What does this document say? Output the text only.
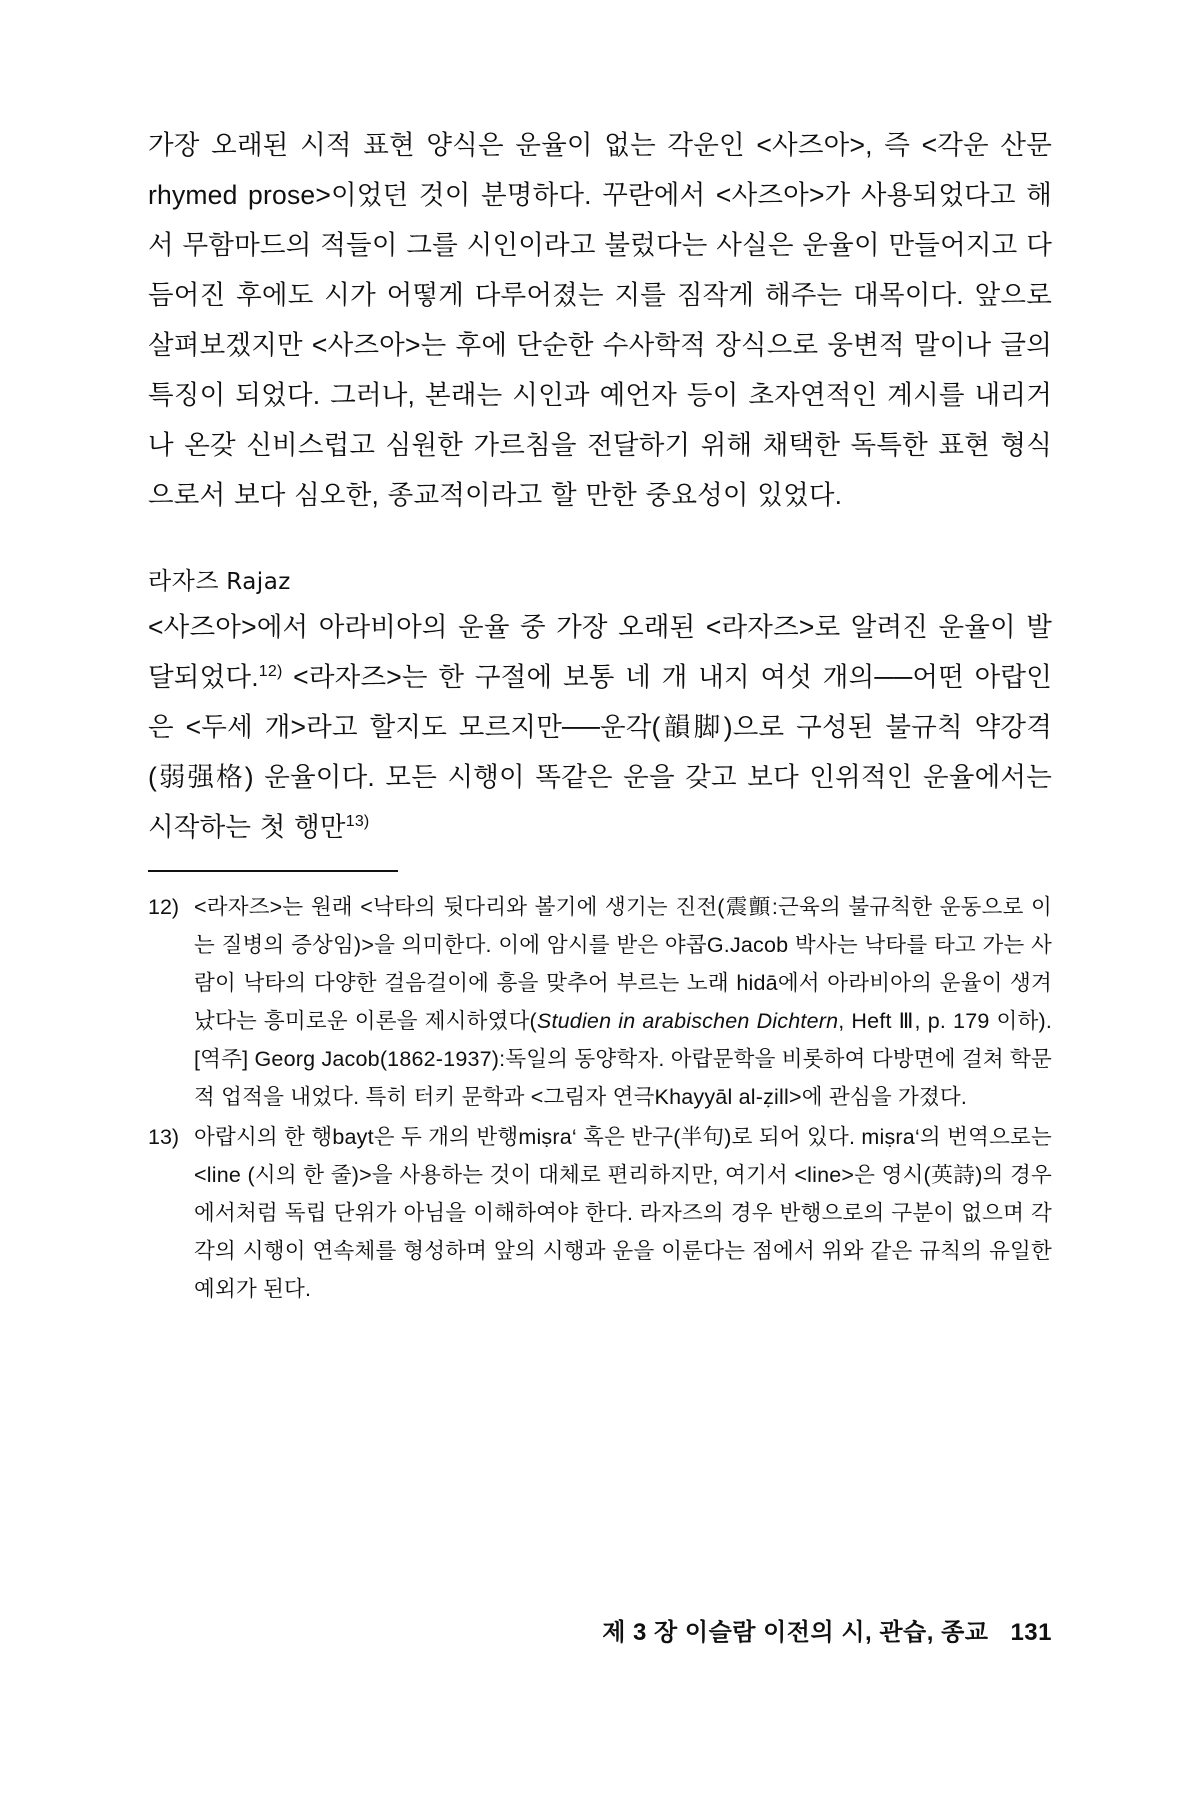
가장 오래된 시적 표현 양식은 운율이 없는 각운인 <사즈아>, 즉 <각운 산문rhymed prose>이었던 것이 분명하다. 꾸란에서 <사즈아>가 사용되었다고 해서 무함마드의 적들이 그를 시인이라고 불렀다는 사실은 운율이 만들어지고 다듬어진 후에도 시가 어떻게 다루어졌는 지를 짐작게 해주는 대목이다. 앞으로 살펴보겠지만 <사즈아>는 후에 단순한 수사학적 장식으로 웅변적 말이나 글의 특징이 되었다. 그러나, 본래는 시인과 예언자 등이 초자연적인 계시를 내리거나 온갖 신비스럽고 심원한 가르침을 전달하기 위해 채택한 독특한 표현 형식으로서 보다 심오한, 종교적이라고 할 만한 중요성이 있었다.

라자즈 Rajaz

<사즈아>에서 아라비아의 운율 중 가장 오래된 <라자즈>로 알려진 운율이 발달되었다.$^{12)}$ <라자즈>는 한 구절에 보통 네 개 내지 여섯 개의──어떤 아랍인은 <두세 개>라고 할지도 모르지만──운각(韻脚)으로 구성된 불규칙 약강격(弱强格) 운율이다. 모든 시행이 똑같은 운을 갖고 보다 인위적인 운율에서는 시작하는 첫 행만$^{13)}$

12) <라자즈>는 원래 <낙타의 뒷다리와 볼기에 생기는 진전(震顫:근육의 불규칙한 운동으로 이는 질병의 증상임)>을 의미한다. 이에 암시를 받은 야콥G.Jacob 박사는 낙타를 타고 가는 사람이 낙타의 다양한 걸음걸이에 흥을 맞추어 부르는 노래 hidā에서 아라비아의 운율이 생겨났다는 흥미로운 이론을 제시하였다(Studien in arabischen Dichtern, Heft Ⅲ, p. 179 이하). [역주] Georg Jacob(1862-1937):독일의 동양학자. 아랍문학을 비롯하여 다방면에 걸쳐 학문적 업적을 내었다. 특히 터키 문학과 <그림자 연극Khayyāl al-ẓill>에 관심을 가졌다.
13) 아랍시의 한 행bayt은 두 개의 반행miṣra‘ 혹은 반구(半句)로 되어 있다. miṣra‘의 번역으로는 <line (시의 한 줄)>을 사용하는 것이 대체로 편리하지만, 여기서 <line>은 영시(英詩)의 경우에서처럼 독립 단위가 아님을 이해하여야 한다. 라자즈의 경우 반행으로의 구분이 없으며 각각의 시행이 연속체를 형성하며 앞의 시행과 운을 이룬다는 점에서 위와 같은 규칙의 유일한 예외가 된다.
제 3 장 이슬람 이전의 시, 관습, 종교 131
